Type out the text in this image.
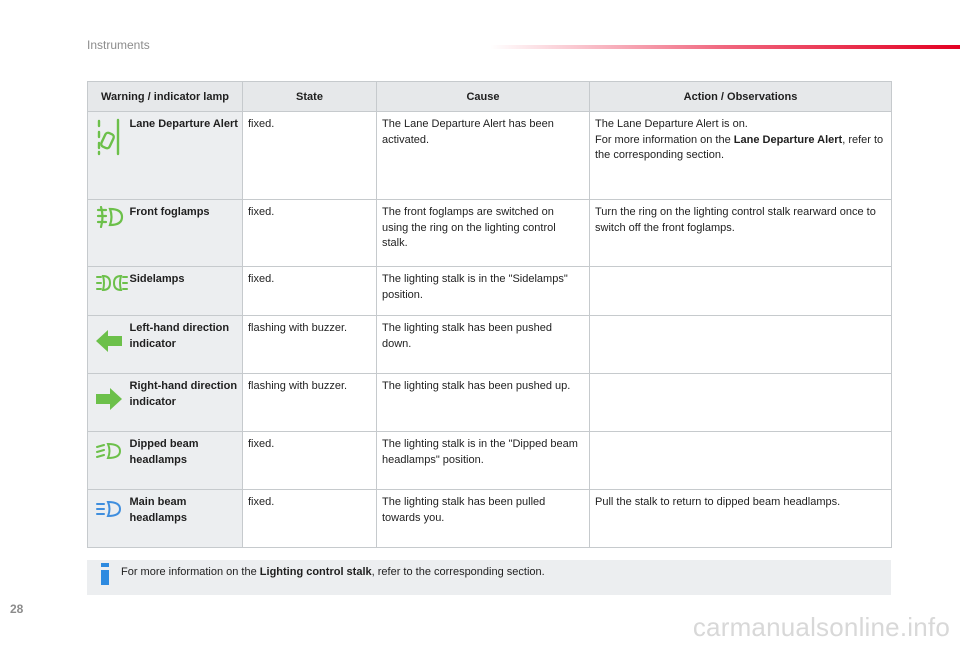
Instruments
Warning / indicator lamp		State	Cause	Action / Observations

	Lane Departure Alert	fixed.	The Lane Departure Alert has been activated.	The Lane Departure Alert is on.
For more information on the Lane Departure Alert, refer to the corresponding section.

	Front foglamps	fixed.	The front foglamps are switched on using the ring on the lighting control stalk.	Turn the ring on the lighting control stalk rearward once to switch off the front foglamps.

	Sidelamps	fixed.	The lighting stalk is in the "Sidelamps" position.	

	Left-hand direction indicator	flashing with buzzer.	The lighting stalk has been pushed down.	

	Right-hand direction indicator	flashing with buzzer.	The lighting stalk has been pushed up.	

	Dipped beam headlamps	fixed.	The lighting stalk is in the "Dipped beam headlamps" position.	

	Main beam headlamps	fixed.	The lighting stalk has been pulled towards you.	Pull the stalk to return to dipped beam headlamps.
For more information on the Lighting control stalk, refer to the corresponding section.
28
carmanualsonline.info
